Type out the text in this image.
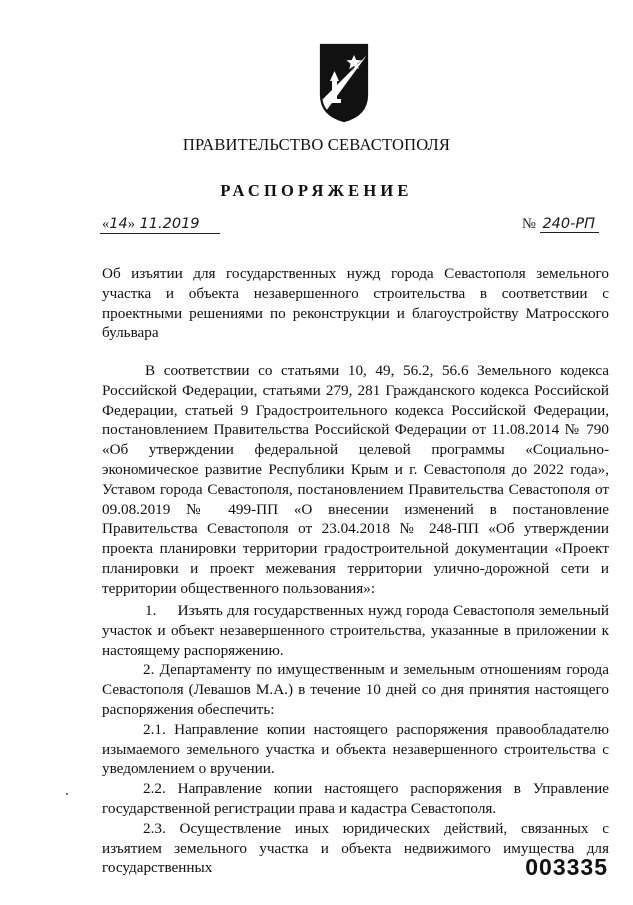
ПРАВИТЕЛЬСТВО СЕВАСТОПОЛЯ
РАСПОРЯЖЕНИЕ
«14» 11.2019	№ 240-РП
Об изъятии для государственных нужд города Севастополя земельного участка и объекта незавершенного строительства в соответствии с проектными решениями по реконструкции и благоустройству Матросского бульвара
В соответствии со статьями 10, 49, 56.2, 56.6 Земельного кодекса Российской Федерации, статьями 279, 281 Гражданского кодекса Российской Федерации, статьей 9 Градостроительного кодекса Российской Федерации, постановлением Правительства Российской Федерации от 11.08.2014 № 790 «Об утверждении федеральной целевой программы «Социально-экономическое развитие Республики Крым и г. Севастополя до 2022 года», Уставом города Севастополя, постановлением Правительства Севастополя от 09.08.2019 № 499-ПП «О внесении изменений в постановление Правительства Севастополя от 23.04.2018 № 248-ПП «Об утверждении проекта планировки территории градостроительной документации «Проект планировки и проект межевания территории улично-дорожной сети и территории общественного пользования»:

1.     Изъять для государственных нужд города Севастополя земельный участок и объект незавершенного строительства, указанные в приложении к настоящему распоряжению.

2. Департаменту по имущественным и земельным отношениям города Севастополя (Левашов М.А.) в течение 10 дней со дня принятия настоящего распоряжения обеспечить:

2.1. Направление копии настоящего распоряжения правообладателю изымаемого земельного участка и объекта незавершенного строительства с уведомлением о вручении.

2.2. Направление копии настоящего распоряжения в Управление государственной регистрации права и кадастра Севастополя.

2.3. Осуществление иных юридических действий, связанных с изъятием земельного участка и объекта недвижимого имущества для государственных	003335
